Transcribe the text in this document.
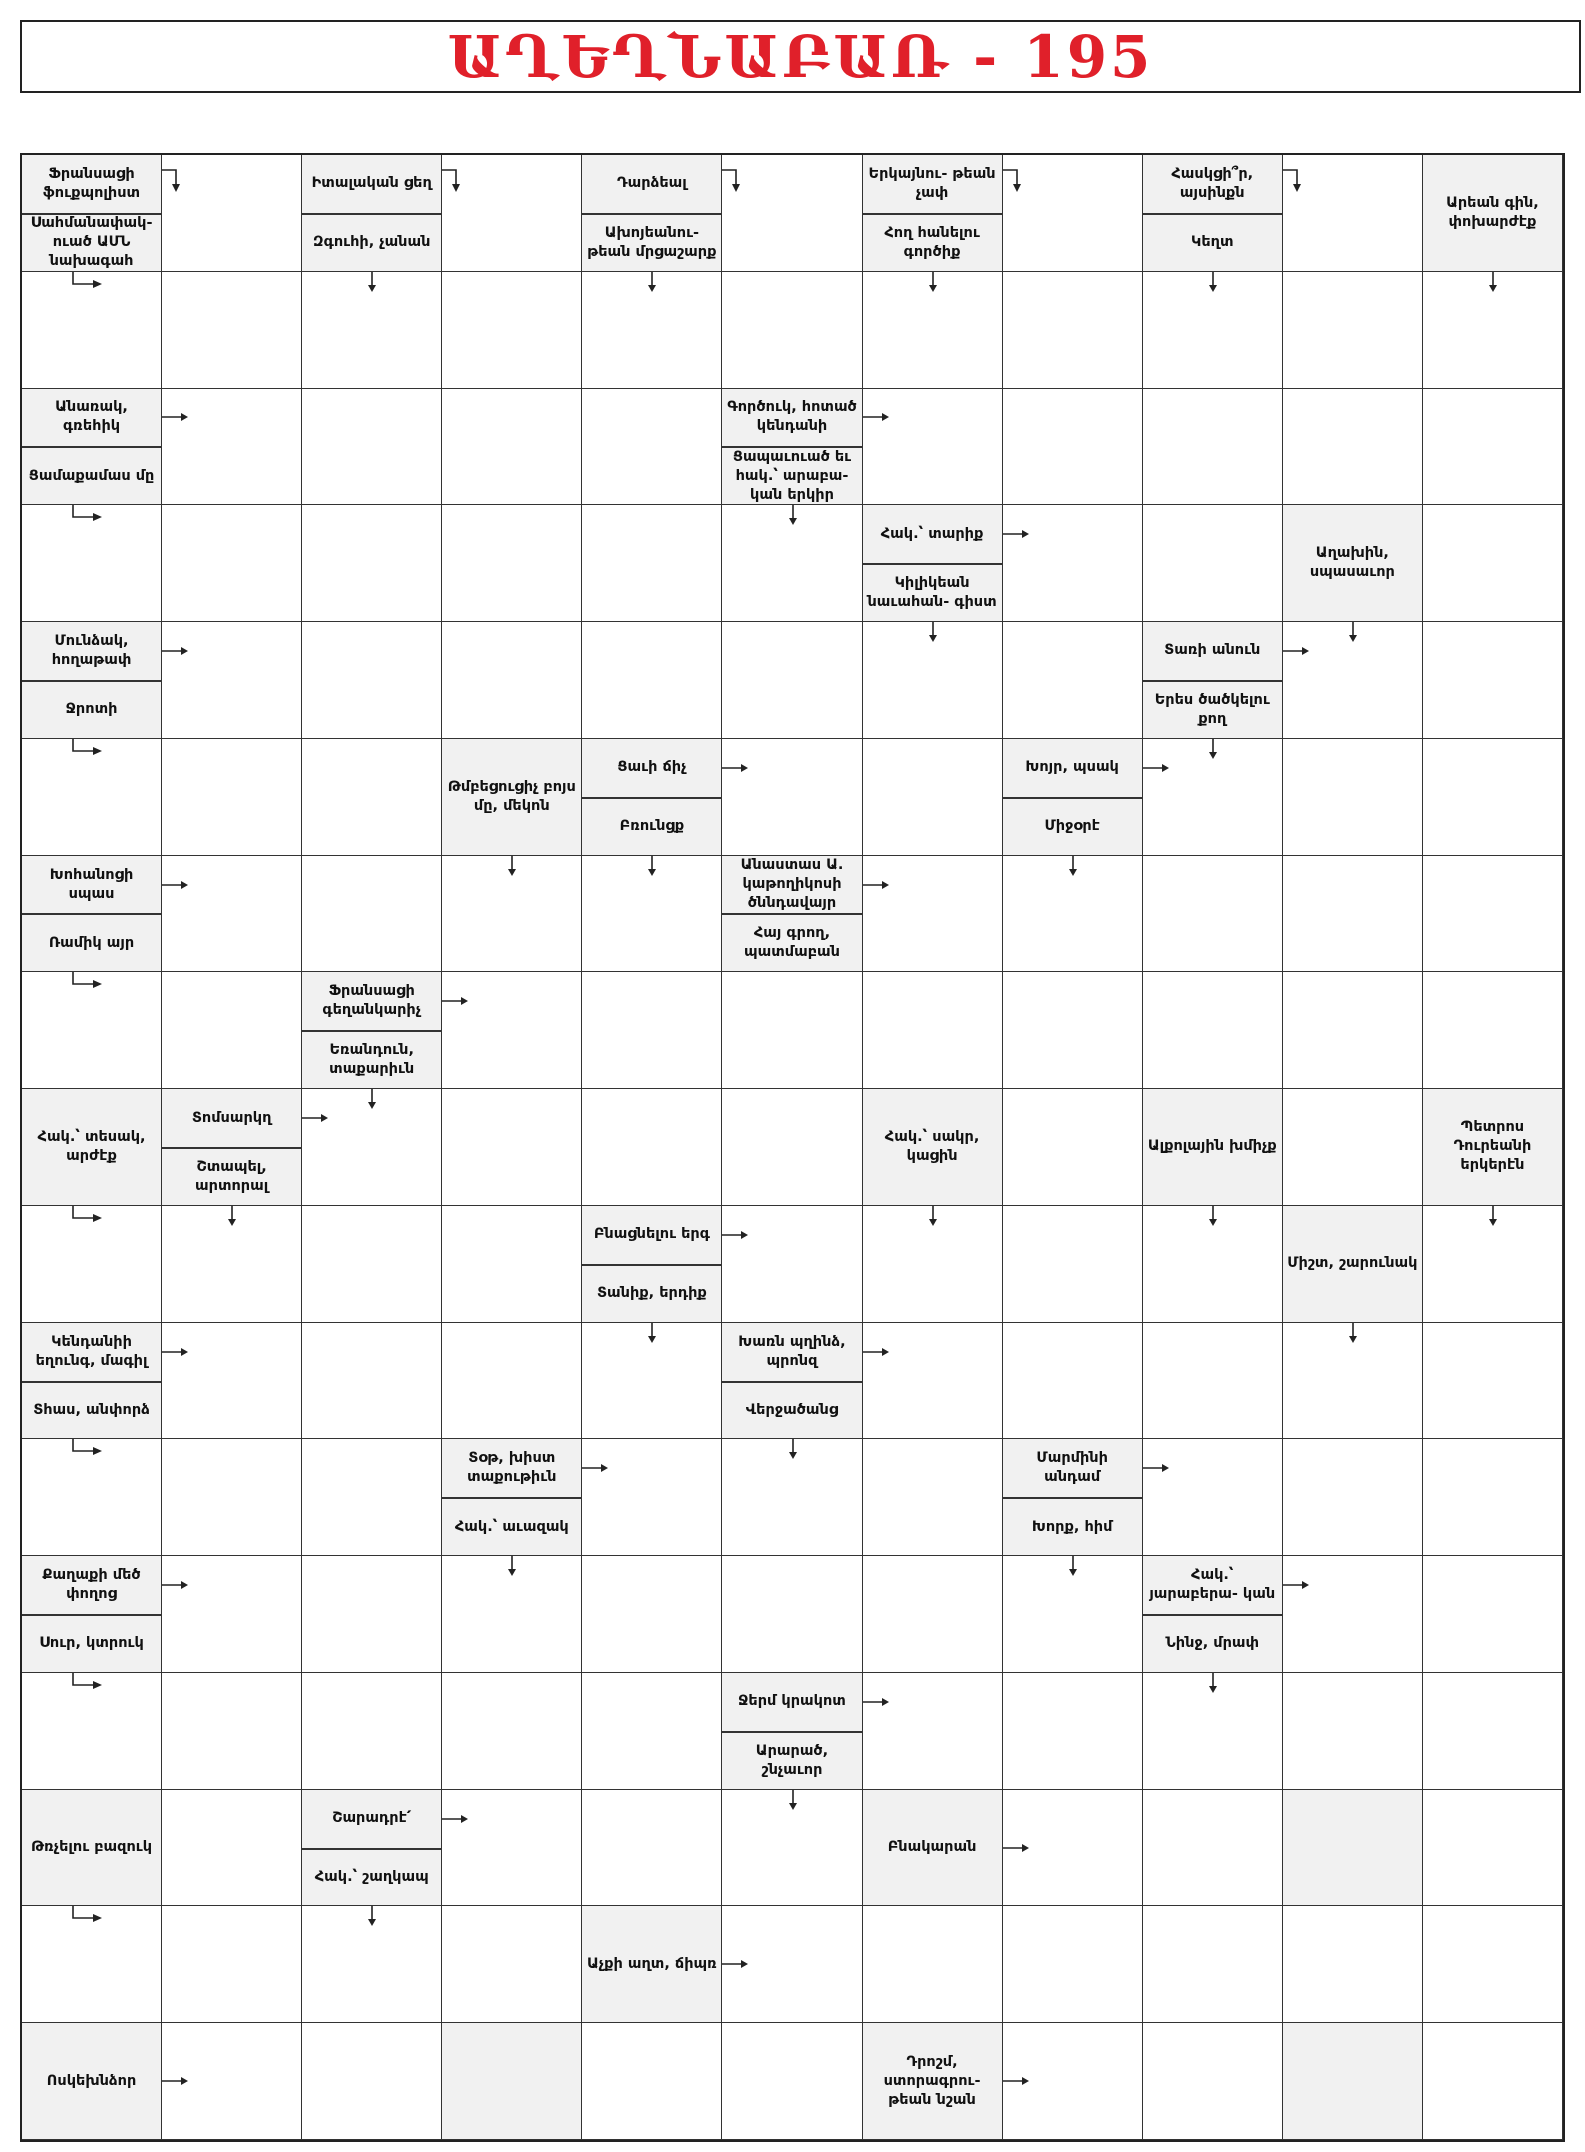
ԱՂԵՂՆԱԲԱՌ - 195
Ֆրանսացի ֆուքպոլիստ
Սահմանափակ-ուած ԱՄՆ նախագահ
Իտալական ցեղ
Զգուհի, չանան
Դարձեալ
Ախոյեանու- թեան մրցաշարք
Երկայնու- թեան չափ
Հող հանելու գործիք
Հասկցի՞ր, այսինքն
Կեղտ
Արեան գին, փոխարժէք
Անառակ, գռեհիկ
Ցամաքամաս մը
Գործուկ, հոտած կենդանի
Ցապաւուած եւ հակ.՝ արաբա- կան երկիր
Հակ.՝ տարիք
Կիլիկեան նաւահան- գիստ
Աղախին, սպասաւոր
Մունձակ, հողաթափ
Ջրոտի
Տառի անուն
Երես ծածկելու քող
Թմբեցուցիչ բոյս մը, մեկոն
Ցաւի ճիչ
Բռունցք
Խոյր, պսակ
Միջօրէ
Խոհանոցի սպաս
Ռամիկ այր
Անաստաս Ա. կաթողիկոսի ծննդավայր
Հայ գրող, պատմաբան
Ֆրանսացի գեղանկարիչ
Եռանդուն, տաքարիւն
Հակ.՝ տեսակ, արժէք
Տոմսարկղ
Շտապել, արտորալ
Հակ.՝ սակր, կացին
Ալքոլային խմիչք
Պետրոս Դուրեանի երկերէն
Բնացնելու երգ
Տանիք, երդիք
Միշտ, շարունակ
Կենդանիի եղունգ, մագիլ
Տհաս, անփորձ
Խառն պղինձ, պրոնզ
Վերջածանց
Տօթ, խիստ տաքութիւն
Հակ.՝ աւազակ
Մարմինի անդամ
Խորք, հիմ
Քաղաքի մեծ փողոց
Սուր, կտրուկ
Հակ.՝ յարաբերա- կան
Նինջ, մրափ
Ջերմ կրակոտ
Արարած, շնչաւոր
Թռչելու բազուկ
Շարադրէ՛
Հակ.՝ շաղկապ
Բնակարան
Աչքի աղտ, ճիպռ
Ոսկեխնձոր
Դրոշմ, ստորագրու- թեան նշան
